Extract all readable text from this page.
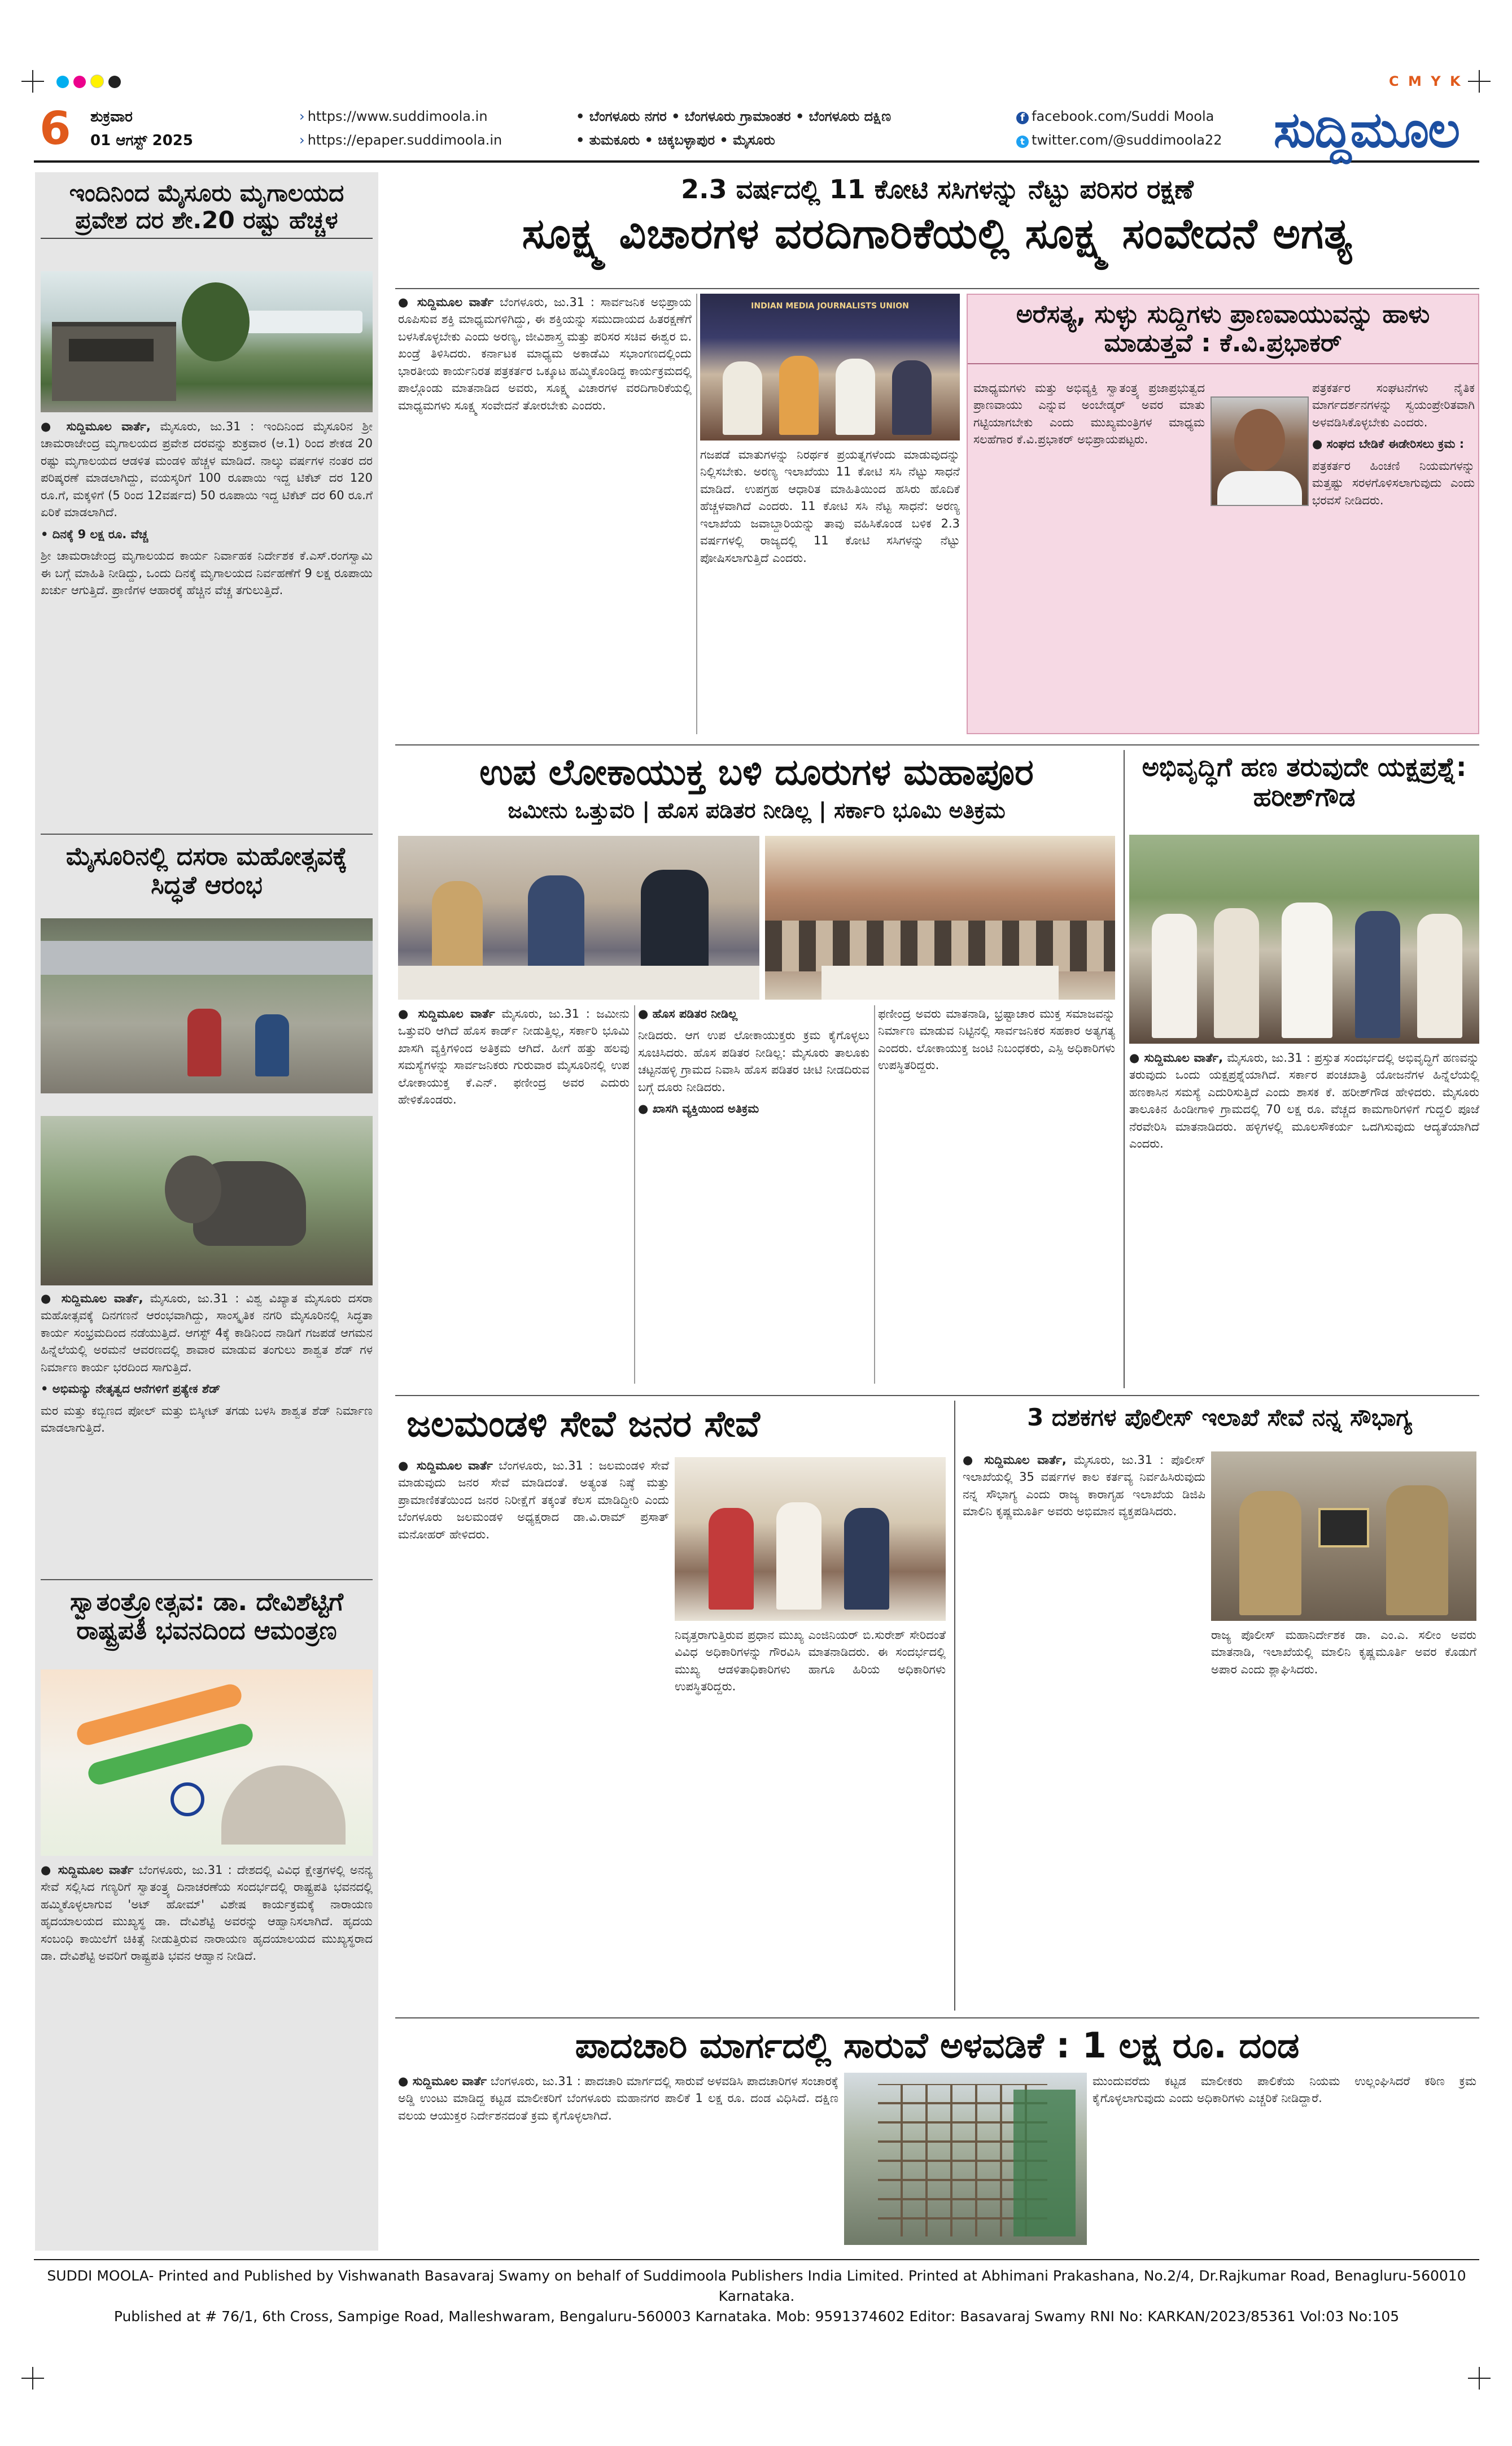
C M Y K
6 ಶುಕ್ರವಾರ
01 ಆಗಸ್ಟ್ 2025
› https://www.suddimoola.in
› https://epaper.suddimoola.in
• ಬೆಂಗಳೂರು ನಗರ • ಬೆಂಗಳೂರು ಗ್ರಾಮಾಂತರ • ಬೆಂಗಳೂರು ದಕ್ಷಿಣ
• ತುಮಕೂರು • ಚಿಕ್ಕಬಳ್ಳಾಪುರ • ಮೈಸೂರು
f facebook.com/Suddi Moola
t twitter.com/@suddimoola22	ಸುದ್ದಿಮೂಲ
ಇಂದಿನಿಂದ ಮೈಸೂರು ಮೃಗಾಲಯದ ಪ್ರವೇಶ ದರ ಶೇ.20 ರಷ್ಟು ಹೆಚ್ಚಳ

● ಸುದ್ದಿಮೂಲ ವಾರ್ತೆ, ಮೈಸೂರು, ಜು.31 : ಇಂದಿನಿಂದ ಮೈಸೂರಿನ ಶ್ರೀ ಚಾಮರಾಜೇಂದ್ರ ಮೃಗಾಲಯದ ಪ್ರವೇಶ ದರವನ್ನು ಶುಕ್ರವಾರ (ಆ.1) ರಿಂದ ಶೇಕಡ 20 ರಷ್ಟು ಮೃಗಾಲಯದ ಆಡಳಿತ ಮಂಡಳಿ ಹೆಚ್ಚಳ ಮಾಡಿದೆ. ನಾಲ್ಕು ವರ್ಷಗಳ ನಂತರ ದರ ಪರಿಷ್ಕರಣೆ ಮಾಡಲಾಗಿದ್ದು, ವಯಸ್ಕರಿಗೆ 100 ರೂಪಾಯಿ ಇದ್ದ ಟಿಕೆಟ್ ದರ 120 ರೂ.ಗೆ, ಮಕ್ಕಳಿಗೆ (5 ರಿಂದ 12ವರ್ಷದ) 50 ರೂಪಾಯಿ ಇದ್ದ ಟಿಕೆಟ್ ದರ 60 ರೂ.ಗೆ ಏರಿಕೆ ಮಾಡಲಾಗಿದೆ.

• ದಿನಕ್ಕೆ 9 ಲಕ್ಷ ರೂ. ವೆಚ್ಚ

ಶ್ರೀ ಚಾಮರಾಜೇಂದ್ರ ಮೃಗಾಲಯದ ಕಾರ್ಯ ನಿರ್ವಾಹಕ ನಿರ್ದೇಶಕ ಕೆ.ಎಸ್.ರಂಗಸ್ವಾಮಿ ಈ ಬಗ್ಗೆ ಮಾಹಿತಿ ನೀಡಿದ್ದು, ಒಂದು ದಿನಕ್ಕೆ ಮೃಗಾಲಯದ ನಿರ್ವಹಣೆಗೆ 9 ಲಕ್ಷ ರೂಪಾಯಿ ಖರ್ಚು ಆಗುತ್ತಿದೆ. ಪ್ರಾಣಿಗಳ ಆಹಾರಕ್ಕೆ ಹೆಚ್ಚಿನ ವೆಚ್ಚ ತಗುಲುತ್ತಿದೆ.

ಮೈಸೂರಿನಲ್ಲಿ ದಸರಾ ಮಹೋತ್ಸವಕ್ಕೆ ಸಿದ್ಧತೆ ಆರಂಭ

● ಸುದ್ದಿಮೂಲ ವಾರ್ತೆ, ಮೈಸೂರು, ಜು.31 : ವಿಶ್ವ ವಿಖ್ಯಾತ ಮೈಸೂರು ದಸರಾ ಮಹೋತ್ಸವಕ್ಕೆ ದಿನಗಣನೆ ಆರಂಭವಾಗಿದ್ದು, ಸಾಂಸ್ಕೃತಿಕ ನಗರಿ ಮೈಸೂರಿನಲ್ಲಿ ಸಿದ್ಧತಾ ಕಾರ್ಯ ಸಂಭ್ರಮದಿಂದ ನಡೆಯುತ್ತಿದೆ. ಆಗಸ್ಟ್ 4ಕ್ಕೆ ಕಾಡಿನಿಂದ ನಾಡಿಗೆ ಗಜಪಡೆ ಆಗಮನ ಹಿನ್ನೆಲೆಯಲ್ಲಿ ಅರಮನೆ ಆವರಣದಲ್ಲಿ ಶಾವಾರ ಮಾಡುವ ತಂಗುಲು ಶಾಶ್ವತ ಶೆಡ್ ಗಳ ನಿರ್ಮಾಣ ಕಾರ್ಯ ಭರದಿಂದ ಸಾಗುತ್ತಿದೆ.

• ಅಭಿಮನ್ಯು ನೇತೃತ್ವದ ಆನೆಗಳಿಗೆ ಪ್ರತ್ಯೇಕ ಶೆಡ್

ಮರ ಮತ್ತು ಕಬ್ಬಿಣದ ಪೋಲ್ ಮತ್ತು ಬಿಸ್ಕೀಟ್ ತಗಡು ಬಳಸಿ ಶಾಶ್ವತ ಶೆಡ್ ನಿರ್ಮಾಣ ಮಾಡಲಾಗುತ್ತಿದೆ.

ಸ್ವಾತಂತ್ರ್ಯೋತ್ಸವ: ಡಾ. ದೇವಿಶೆಟ್ಟಿಗೆ ರಾಷ್ಟ್ರಪತಿ ಭವನದಿಂದ ಆಮಂತ್ರಣ

● ಸುದ್ದಿಮೂಲ ವಾರ್ತೆ ಬೆಂಗಳೂರು, ಜು.31 : ದೇಶದಲ್ಲಿ ವಿವಿಧ ಕ್ಷೇತ್ರಗಳಲ್ಲಿ ಅನನ್ಯ ಸೇವೆ ಸಲ್ಲಿಸಿದ ಗಣ್ಯರಿಗೆ ಸ್ವಾತಂತ್ರ್ಯ ದಿನಾಚರಣೆಯ ಸಂದರ್ಭದಲ್ಲಿ ರಾಷ್ಟ್ರಪತಿ ಭವನದಲ್ಲಿ ಹಮ್ಮಿಕೊಳ್ಳಲಾಗುವ 'ಅಟ್ ಹೋಮ್' ವಿಶೇಷ ಕಾರ್ಯಕ್ರಮಕ್ಕೆ ನಾರಾಯಣ ಹೃದಯಾಲಯದ ಮುಖ್ಯಸ್ಥ ಡಾ. ದೇವಿಶೆಟ್ಟಿ ಅವರನ್ನು ಆಹ್ವಾನಿಸಲಾಗಿದೆ. ಹೃದಯ ಸಂಬಂಧಿ ಕಾಯಿಲೆಗೆ ಚಿಕಿತ್ಸೆ ನೀಡುತ್ತಿರುವ ನಾರಾಯಣ ಹೃದಯಾಲಯದ ಮುಖ್ಯಸ್ಥರಾದ ಡಾ. ದೇವಿಶೆಟ್ಟಿ ಅವರಿಗೆ ರಾಷ್ಟ್ರಪತಿ ಭವನ ಆಹ್ವಾನ ನೀಡಿದೆ.

2.3 ವರ್ಷದಲ್ಲಿ 11 ಕೋಟಿ ಸಸಿಗಳನ್ನು ನೆಟ್ಟು ಪರಿಸರ ರಕ್ಷಣೆ
ಸೂಕ್ಷ್ಮ ವಿಚಾರಗಳ ವರದಿಗಾರಿಕೆಯಲ್ಲಿ ಸೂಕ್ಷ್ಮ ಸಂವೇದನೆ ಅಗತ್ಯ

● ಸುದ್ದಿಮೂಲ ವಾರ್ತೆ ಬೆಂಗಳೂರು, ಜು.31 : ಸಾರ್ವಜನಿಕ ಅಭಿಪ್ರಾಯ ರೂಪಿಸುವ ಶಕ್ತಿ ಮಾಧ್ಯಮಗಳಿಗಿದ್ದು, ಈ ಶಕ್ತಿಯನ್ನು ಸಮುದಾಯದ ಹಿತರಕ್ಷಣೆಗೆ ಬಳಸಿಕೊಳ್ಳಬೇಕು ಎಂದು ಅರಣ್ಯ, ಜೀವಿಶಾಸ್ತ್ರ ಮತ್ತು ಪರಿಸರ ಸಚಿವ ಈಶ್ವರ ಬಿ. ಖಂಡ್ರೆ ತಿಳಿಸಿದರು. ಕರ್ನಾಟಕ ಮಾಧ್ಯಮ ಅಕಾಡೆಮಿ ಸಭಾಂಗಣದಲ್ಲಿಂದು ಭಾರತೀಯ ಕಾರ್ಯನಿರತ ಪತ್ರಕರ್ತರ ಒಕ್ಕೂಟ ಹಮ್ಮಿಕೊಂಡಿದ್ದ ಕಾರ್ಯಕ್ರಮದಲ್ಲಿ ಪಾಲ್ಗೊಂಡು ಮಾತನಾಡಿದ ಅವರು, ಸೂಕ್ಷ್ಮ ವಿಚಾರಗಳ ವರದಿಗಾರಿಕೆಯಲ್ಲಿ ಮಾಧ್ಯಮಗಳು ಸೂಕ್ಷ್ಮ ಸಂವೇದನೆ ತೋರಬೇಕು ಎಂದರು.

INDIAN MEDIA JOURNALISTS UNION

ಗಜಪಡೆ ಮಾತುಗಳನ್ನು ನಿರರ್ಥಕ ಪ್ರಯತ್ನಗಳೆಂದು ಮಾಡುವುದನ್ನು ನಿಲ್ಲಿಸಬೇಕು. ಅರಣ್ಯ ಇಲಾಖೆಯು 11 ಕೋಟಿ ಸಸಿ ನೆಟ್ಟು ಸಾಧನೆ ಮಾಡಿದೆ. ಉಪಗ್ರಹ ಆಧಾರಿತ ಮಾಹಿತಿಯಿಂದ ಹಸಿರು ಹೊದಿಕೆ ಹೆಚ್ಚಳವಾಗಿದೆ ಎಂದರು. 11 ಕೋಟಿ ಸಸಿ ನೆಟ್ಟ ಸಾಧನೆ: ಅರಣ್ಯ ಇಲಾಖೆಯ ಜವಾಬ್ದಾರಿಯನ್ನು ತಾವು ವಹಿಸಿಕೊಂಡ ಬಳಿಕ 2.3 ವರ್ಷಗಳಲ್ಲಿ ರಾಜ್ಯದಲ್ಲಿ 11 ಕೋಟಿ ಸಸಿಗಳನ್ನು ನೆಟ್ಟು ಪೋಷಿಸಲಾಗುತ್ತಿದೆ ಎಂದರು.

ಅರೆಸತ್ಯ, ಸುಳ್ಳು ಸುದ್ದಿಗಳು ಪ್ರಾಣವಾಯುವನ್ನು ಹಾಳು ಮಾಡುತ್ತವೆ : ಕೆ.ವಿ.ಪ್ರಭಾಕರ್

ಮಾಧ್ಯಮಗಳು ಮತ್ತು ಅಭಿವ್ಯಕ್ತಿ ಸ್ವಾತಂತ್ರ್ಯ ಪ್ರಜಾಪ್ರಭುತ್ವದ ಪ್ರಾಣವಾಯು ಎನ್ನುವ ಅಂಬೇಡ್ಕರ್ ಅವರ ಮಾತು ಗಟ್ಟಿಯಾಗಬೇಕು ಎಂದು ಮುಖ್ಯಮಂತ್ರಿಗಳ ಮಾಧ್ಯಮ ಸಲಹೆಗಾರ ಕೆ.ವಿ.ಪ್ರಭಾಕರ್ ಅಭಿಪ್ರಾಯಪಟ್ಟರು.

ಪತ್ರಕರ್ತರ ಸಂಘಟನೆಗಳು ನೈತಿಕ ಮಾರ್ಗದರ್ಶನಗಳನ್ನು ಸ್ವಯಂಪ್ರೇರಿತವಾಗಿ ಅಳವಡಿಸಿಕೊಳ್ಳಬೇಕು ಎಂದರು.

● ಸಂಘದ ಬೇಡಿಕೆ ಈಡೇರಿಸಲು ಕ್ರಮ :

ಪತ್ರಕರ್ತರ ಹಿಂಚಣಿ ನಿಯಮಗಳನ್ನು ಮತ್ತಷ್ಟು ಸರಳಗೊಳಿಸಲಾಗುವುದು ಎಂದು ಭರವಸೆ ನೀಡಿದರು.

ಉಪ ಲೋಕಾಯುಕ್ತ ಬಳಿ ದೂರುಗಳ ಮಹಾಪೂರ
ಜಮೀನು ಒತ್ತುವರಿ | ಹೊಸ ಪಡಿತರ ನೀಡಿಲ್ಲ | ಸರ್ಕಾರಿ ಭೂಮಿ ಅತಿಕ್ರಮ

● ಸುದ್ದಿಮೂಲ ವಾರ್ತೆ ಮೈಸೂರು, ಜು.31 : ಜಮೀನು ಒತ್ತುವರಿ ಆಗಿದೆ ಹೊಸ ಕಾರ್ಡ್ ನೀಡುತ್ತಿಲ್ಲ, ಸರ್ಕಾರಿ ಭೂಮಿ ಖಾಸಗಿ ವ್ಯಕ್ತಿಗಳಿಂದ ಅತಿಕ್ರಮ ಆಗಿದೆ. ಹೀಗೆ ಹತ್ತು ಹಲವು ಸಮಸ್ಯೆಗಳನ್ನು ಸಾರ್ವಜನಿಕರು ಗುರುವಾರ ಮೈಸೂರಿನಲ್ಲಿ ಉಪ ಲೋಕಾಯುಕ್ತ ಕೆ.ಎನ್. ಫಣೀಂದ್ರ ಅವರ ಎದುರು ಹೇಳಿಕೊಂಡರು.

● ಹೊಸ ಪಡಿತರ ನೀಡಿಲ್ಲ

ನೀಡಿದರು. ಆಗ ಉಪ ಲೋಕಾಯುಕ್ತರು ಕ್ರಮ ಕೈಗೊಳ್ಳಲು ಸೂಚಿಸಿದರು. ಹೊಸ ಪಡಿತರ ನೀಡಿಲ್ಲ: ಮೈಸೂರು ತಾಲೂಕು ಚಟ್ಟನಹಳ್ಳಿ ಗ್ರಾಮದ ನಿವಾಸಿ ಹೊಸ ಪಡಿತರ ಚೀಟಿ ನೀಡದಿರುವ ಬಗ್ಗೆ ದೂರು ನೀಡಿದರು.

● ಖಾಸಗಿ ವ್ಯಕ್ತಿಯಿಂದ ಅತಿಕ್ರಮ

ಫಣೀಂದ್ರ ಅವರು ಮಾತನಾಡಿ, ಭ್ರಷ್ಟಾಚಾರ ಮುಕ್ತ ಸಮಾಜವನ್ನು ನಿರ್ಮಾಣ ಮಾಡುವ ನಿಟ್ಟಿನಲ್ಲಿ ಸಾರ್ವಜನಿಕರ ಸಹಕಾರ ಅತ್ಯಗತ್ಯ ಎಂದರು. ಲೋಕಾಯುಕ್ತ ಜಂಟಿ ನಿಬಂಧಕರು, ಎಸ್ಪಿ ಅಧಿಕಾರಿಗಳು ಉಪಸ್ಥಿತರಿದ್ದರು.

ಅಭಿವೃದ್ಧಿಗೆ ಹಣ ತರುವುದೇ ಯಕ್ಷಪ್ರಶ್ನೆ: ಹರೀಶ್‌ಗೌಡ

● ಸುದ್ದಿಮೂಲ ವಾರ್ತೆ, ಮೈಸೂರು, ಜು.31 : ಪ್ರಸ್ತುತ ಸಂದರ್ಭದಲ್ಲಿ ಅಭಿವೃದ್ಧಿಗೆ ಹಣವನ್ನು ತರುವುದು ಒಂದು ಯಕ್ಷಪ್ರಶ್ನೆಯಾಗಿದೆ. ಸರ್ಕಾರ ಪಂಚಖಾತ್ರಿ ಯೋಜನೆಗಳ ಹಿನ್ನೆಲೆಯಲ್ಲಿ ಹಣಕಾಸಿನ ಸಮಸ್ಯೆ ಎದುರಿಸುತ್ತಿದೆ ಎಂದು ಶಾಸಕ ಕೆ. ಹರೀಶ್‌ಗೌಡ ಹೇಳಿದರು. ಮೈಸೂರು ತಾಲೂಕಿನ ಹಿಂಡೀಗಾಳಿ ಗ್ರಾಮದಲ್ಲಿ 70 ಲಕ್ಷ ರೂ. ವೆಚ್ಚದ ಕಾಮಗಾರಿಗಳಿಗೆ ಗುದ್ದಲಿ ಪೂಜೆ ನೆರವೇರಿಸಿ ಮಾತನಾಡಿದರು. ಹಳ್ಳಿಗಳಲ್ಲಿ ಮೂಲಸೌಕರ್ಯ ಒದಗಿಸುವುದು ಆದ್ಯತೆಯಾಗಿದೆ ಎಂದರು.

ಜಲಮಂಡಳಿ ಸೇವೆ ಜನರ ಸೇವೆ

● ಸುದ್ದಿಮೂಲ ವಾರ್ತೆ ಬೆಂಗಳೂರು, ಜು.31 : ಜಲಮಂಡಳಿ ಸೇವೆ ಮಾಡುವುದು ಜನರ ಸೇವೆ ಮಾಡಿದಂತೆ. ಅತ್ಯಂತ ನಿಷ್ಠೆ ಮತ್ತು ಪ್ರಾಮಾಣಿಕತೆಯಿಂದ ಜನರ ನಿರೀಕ್ಷೆಗೆ ತಕ್ಕಂತೆ ಕೆಲಸ ಮಾಡಿದ್ದೀರಿ ಎಂದು ಬೆಂಗಳೂರು ಜಲಮಂಡಳಿ ಅಧ್ಯಕ್ಷರಾದ ಡಾ.ವಿ.ರಾಮ್ ಪ್ರಸಾತ್ ಮನೋಹರ್ ಹೇಳಿದರು.

ನಿವೃತ್ತರಾಗುತ್ತಿರುವ ಪ್ರಧಾನ ಮುಖ್ಯ ಎಂಜಿನಿಯರ್ ಬಿ.ಸುರೇಶ್ ಸೇರಿದಂತೆ ವಿವಿಧ ಅಧಿಕಾರಿಗಳನ್ನು ಗೌರವಿಸಿ ಮಾತನಾಡಿದರು. ಈ ಸಂದರ್ಭದಲ್ಲಿ ಮುಖ್ಯ ಆಡಳಿತಾಧಿಕಾರಿಗಳು ಹಾಗೂ ಹಿರಿಯ ಅಧಿಕಾರಿಗಳು ಉಪಸ್ಥಿತರಿದ್ದರು.

3 ದಶಕಗಳ ಪೊಲೀಸ್ ಇಲಾಖೆ ಸೇವೆ ನನ್ನ ಸೌಭಾಗ್ಯ

● ಸುದ್ದಿಮೂಲ ವಾರ್ತೆ, ಮೈಸೂರು, ಜು.31 : ಪೊಲೀಸ್ ಇಲಾಖೆಯಲ್ಲಿ 35 ವರ್ಷಗಳ ಕಾಲ ಕರ್ತವ್ಯ ನಿರ್ವಹಿಸಿರುವುದು ನನ್ನ ಸೌಭಾಗ್ಯ ಎಂದು ರಾಜ್ಯ ಕಾರಾಗೃಹ ಇಲಾಖೆಯ ಡಿಜಿಪಿ ಮಾಲಿನಿ ಕೃಷ್ಣಮೂರ್ತಿ ಅವರು ಅಭಿಮಾನ ವ್ಯಕ್ತಪಡಿಸಿದರು.

ರಾಜ್ಯ ಪೊಲೀಸ್ ಮಹಾನಿರ್ದೇಶಕ ಡಾ. ಎಂ.ಎ. ಸಲೀಂ ಅವರು ಮಾತನಾಡಿ, ಇಲಾಖೆಯಲ್ಲಿ ಮಾಲಿನಿ ಕೃಷ್ಣಮೂರ್ತಿ ಅವರ ಕೊಡುಗೆ ಅಪಾರ ಎಂದು ಶ್ಲಾಘಿಸಿದರು.

ಪಾದಚಾರಿ ಮಾರ್ಗದಲ್ಲಿ ಸಾರುವೆ ಅಳವಡಿಕೆ : 1 ಲಕ್ಷ ರೂ. ದಂಡ

● ಸುದ್ದಿಮೂಲ ವಾರ್ತೆ ಬೆಂಗಳೂರು, ಜು.31 : ಪಾದಚಾರಿ ಮಾರ್ಗದಲ್ಲಿ ಸಾರುವೆ ಅಳವಡಿಸಿ ಪಾದಚಾರಿಗಳ ಸಂಚಾರಕ್ಕೆ ಅಡ್ಡಿ ಉಂಟು ಮಾಡಿದ್ದ ಕಟ್ಟಡ ಮಾಲೀಕರಿಗೆ ಬೆಂಗಳೂರು ಮಹಾನಗರ ಪಾಲಿಕೆ 1 ಲಕ್ಷ ರೂ. ದಂಡ ವಿಧಿಸಿದೆ. ದಕ್ಷಿಣ ವಲಯ ಆಯುಕ್ತರ ನಿರ್ದೇಶನದಂತೆ ಕ್ರಮ ಕೈಗೊಳ್ಳಲಾಗಿದೆ.

ಮುಂದುವರೆದು ಕಟ್ಟಡ ಮಾಲೀಕರು ಪಾಲಿಕೆಯ ನಿಯಮ ಉಲ್ಲಂಘಿಸಿದರೆ ಕಠಿಣ ಕ್ರಮ ಕೈಗೊಳ್ಳಲಾಗುವುದು ಎಂದು ಅಧಿಕಾರಿಗಳು ಎಚ್ಚರಿಕೆ ನೀಡಿದ್ದಾರೆ.

SUDDI MOOLA- Printed and Published by Vishwanath Basavaraj Swamy on behalf of Suddimoola Publishers India Limited. Printed at Abhimani Prakashana, No.2/4, Dr.Rajkumar Road, Benagluru-560010 Karnataka.
Published at # 76/1, 6th Cross, Sampige Road, Malleshwaram, Bengaluru-560003 Karnataka. Mob: 9591374602 Editor: Basavaraj Swamy RNI No: KARKAN/2023/85361 Vol:03 No:105
